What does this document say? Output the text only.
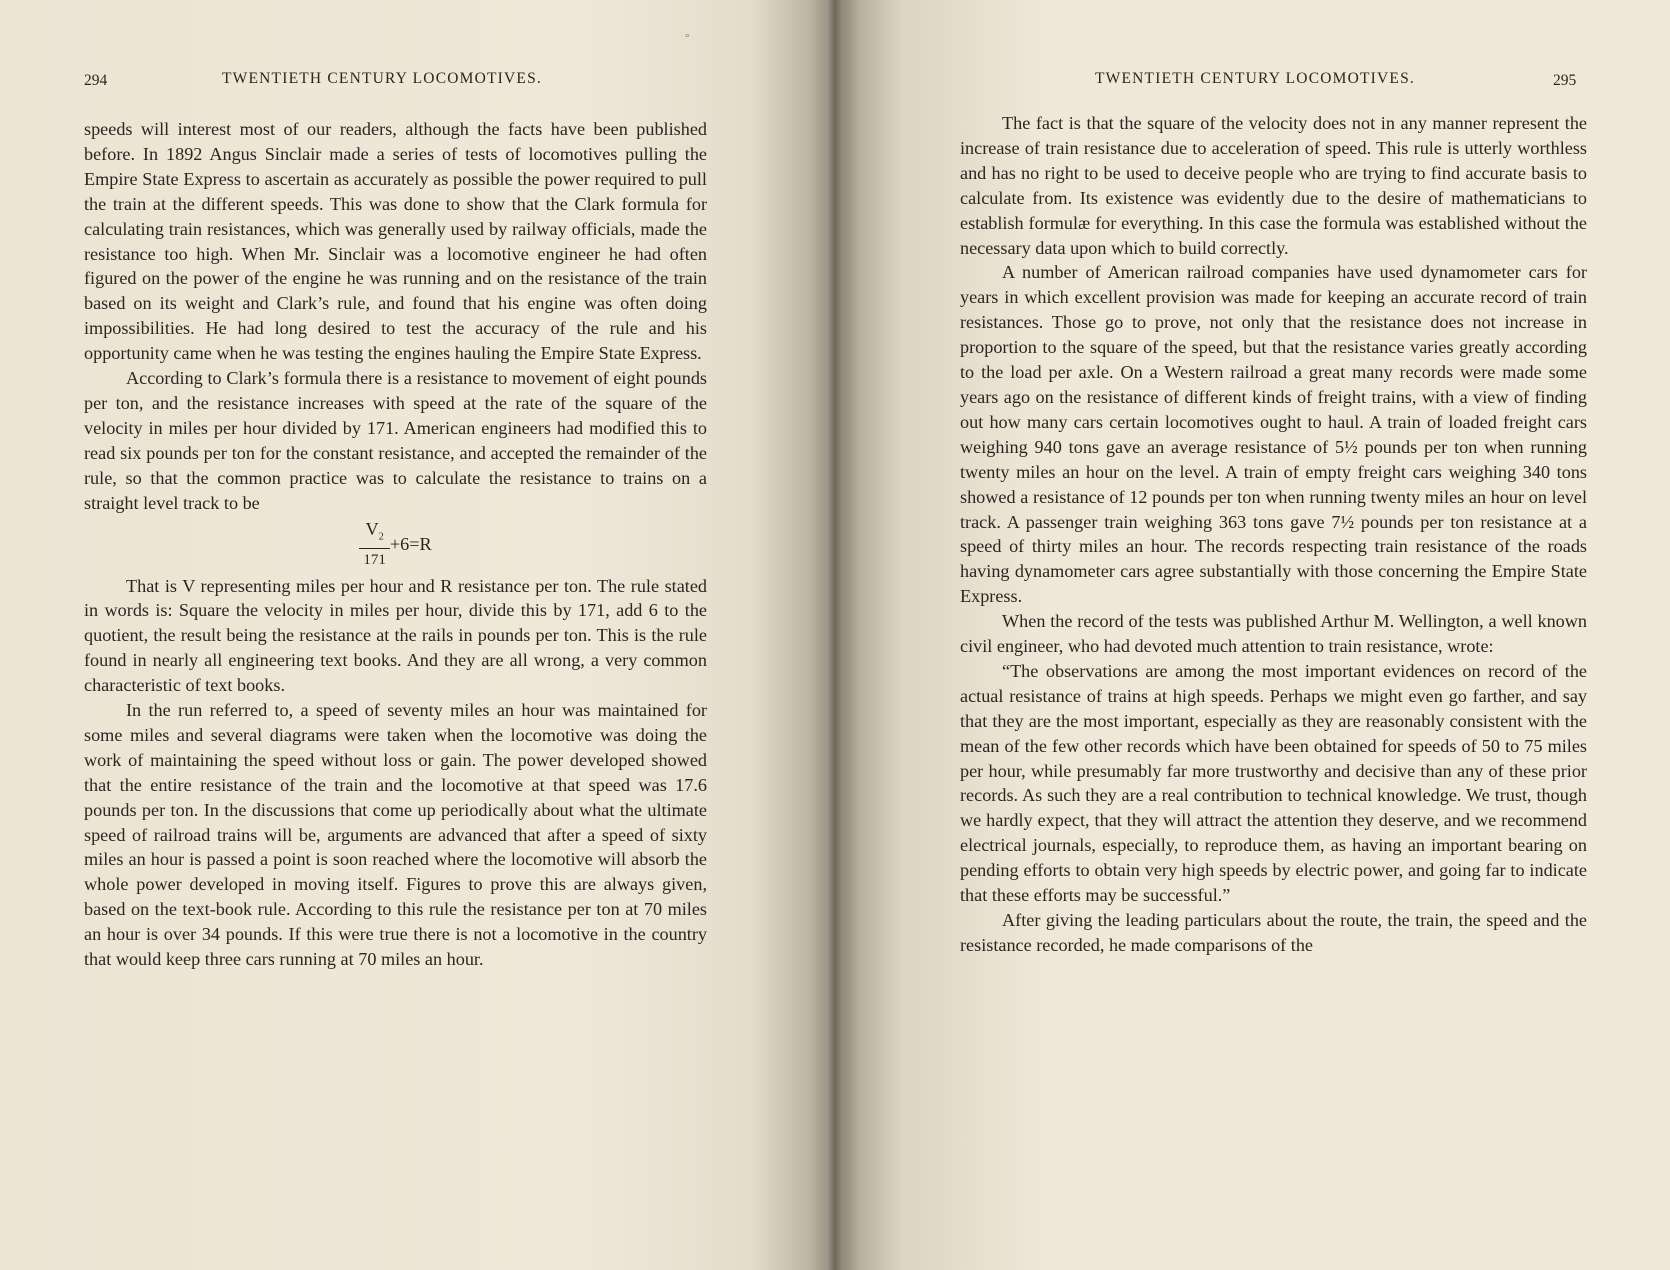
294	TWENTIETH CENTURY LOCOMOTIVES.

speeds will interest most of our readers, although the facts have been published before. In 1892 Angus Sinclair made a series of tests of locomotives pulling the Empire State Express to ascertain as accurately as possible the power required to pull the train at the different speeds. This was done to show that the Clark formula for calculating train resistances, which was generally used by railway officials, made the resistance too high. When Mr. Sinclair was a locomotive engineer he had often figured on the power of the engine he was running and on the resistance of the train based on its weight and Clark’s rule, and found that his engine was often doing impossibilities. He had long desired to test the accuracy of the rule and his opportunity came when he was testing the engines hauling the Empire State Express.

According to Clark’s formula there is a resistance to movement of eight pounds per ton, and the resistance increases with speed at the rate of the square of the velocity in miles per hour divided by 171. American engineers had modified this to read six pounds per ton for the constant resistance, and accepted the remainder of the rule, so that the common practice was to calculate the resistance to trains on a straight level track to be

$\frac{V_2}{171} +6=R$

That is V representing miles per hour and R resistance per ton. The rule stated in words is: Square the velocity in miles per hour, divide this by 171, add 6 to the quotient, the result being the resistance at the rails in pounds per ton. This is the rule found in nearly all engineering text books. And they are all wrong, a very common characteristic of text books.

In the run referred to, a speed of seventy miles an hour was maintained for some miles and several diagrams were taken when the locomotive was doing the work of maintaining the speed without loss or gain. The power developed showed that the entire resistance of the train and the locomotive at that speed was 17.6 pounds per ton. In the discussions that come up periodically about what the ultimate speed of railroad trains will be, arguments are advanced that after a speed of sixty miles an hour is passed a point is soon reached where the locomotive will absorb the whole power developed in moving itself. Figures to prove this are always given, based on the text-book rule. According to this rule the resistance per ton at 70 miles an hour is over 34 pounds. If this were true there is not a locomotive in the country that would keep three cars running at 70 miles an hour.

°
TWENTIETH CENTURY LOCOMOTIVES.	295

The fact is that the square of the velocity does not in any manner represent the increase of train resistance due to acceleration of speed. This rule is utterly worthless and has no right to be used to deceive people who are trying to find accurate basis to calculate from. Its existence was evidently due to the desire of mathematicians to establish formulæ for everything. In this case the formula was established without the necessary data upon which to build correctly.

A number of American railroad companies have used dynamometer cars for years in which excellent provision was made for keeping an accurate record of train resistances. Those go to prove, not only that the resistance does not increase in proportion to the square of the speed, but that the resistance varies greatly according to the load per axle. On a Western railroad a great many records were made some years ago on the resistance of different kinds of freight trains, with a view of finding out how many cars certain locomotives ought to haul. A train of loaded freight cars weighing 940 tons gave an average resistance of 5½ pounds per ton when running twenty miles an hour on the level. A train of empty freight cars weighing 340 tons showed a resistance of 12 pounds per ton when running twenty miles an hour on level track. A passenger train weighing 363 tons gave 7½ pounds per ton resistance at a speed of thirty miles an hour. The records respecting train resistance of the roads having dynamometer cars agree substantially with those concerning the Empire State Express.

When the record of the tests was published Arthur M. Wellington, a well known civil engineer, who had devoted much attention to train resistance, wrote:

“The observations are among the most important evidences on record of the actual resistance of trains at high speeds. Perhaps we might even go farther, and say that they are the most important, especially as they are reasonably consistent with the mean of the few other records which have been obtained for speeds of 50 to 75 miles per hour, while presumably far more trustworthy and decisive than any of these prior records. As such they are a real contribution to technical knowledge. We trust, though we hardly expect, that they will attract the attention they deserve, and we recommend electrical journals, especially, to reproduce them, as having an important bearing on pending efforts to obtain very high speeds by electric power, and going far to indicate that these efforts may be successful.”

After giving the leading particulars about the route, the train, the speed and the resistance recorded, he made comparisons of the
